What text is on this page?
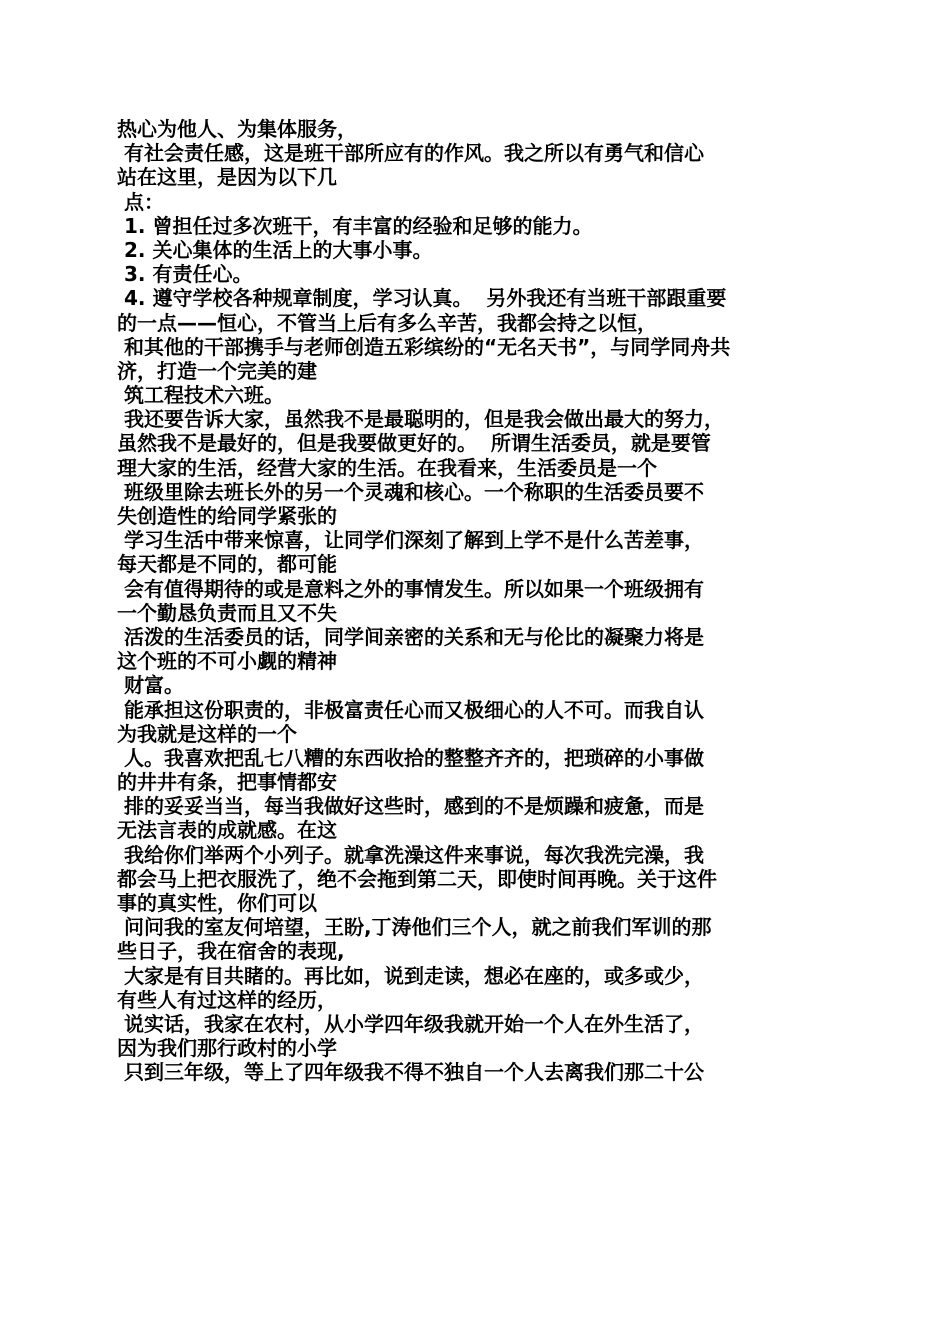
热心为他人、为集体服务，
有社会责任感，这是班干部所应有的作风。我之所以有勇气和信心
站在这里，是因为以下几
点：
1. 曾担任过多次班干，有丰富的经验和足够的能力。
2. 关心集体的生活上的大事小事。
3. 有责任心。
4. 遵守学校各种规章制度，学习认真。  另外我还有当班干部跟重要
的一点——恒心，不管当上后有多么辛苦，我都会持之以恒，
和其他的干部携手与老师创造五彩缤纷的“无名天书”，与同学同舟共
济，打造一个完美的建
筑工程技术六班。
我还要告诉大家，虽然我不是最聪明的，但是我会做出最大的努力，
虽然我不是最好的，但是我要做更好的。  所谓生活委员，就是要管
理大家的生活，经营大家的生活。在我看来，生活委员是一个
班级里除去班长外的另一个灵魂和核心。一个称职的生活委员要不
失创造性的给同学紧张的
学习生活中带来惊喜，让同学们深刻了解到上学不是什么苦差事，
每天都是不同的，都可能
会有值得期待的或是意料之外的事情发生。所以如果一个班级拥有
一个勤恳负责而且又不失
活泼的生活委员的话，同学间亲密的关系和无与伦比的凝聚力将是
这个班的不可小觑的精神
财富。
能承担这份职责的，非极富责任心而又极细心的人不可。而我自认
为我就是这样的一个
人。我喜欢把乱七八糟的东西收拾的整整齐齐的，把琐碎的小事做
的井井有条，把事情都安
排的妥妥当当，每当我做好这些时，感到的不是烦躁和疲惫，而是
无法言表的成就感。在这
我给你们举两个小列子。就拿洗澡这件来事说，每次我洗完澡，我
都会马上把衣服洗了，绝不会拖到第二天，即使时间再晚。关于这件
事的真实性，你们可以
问问我的室友何培望，王盼,丁涛他们三个人，就之前我们军训的那
些日子，我在宿舍的表现,
大家是有目共睹的。再比如，说到走读，想必在座的，或多或少，
有些人有过这样的经历，
说实话，我家在农村，从小学四年级我就开始一个人在外生活了，
因为我们那行政村的小学
只到三年级，等上了四年级我不得不独自一个人去离我们那二十公
